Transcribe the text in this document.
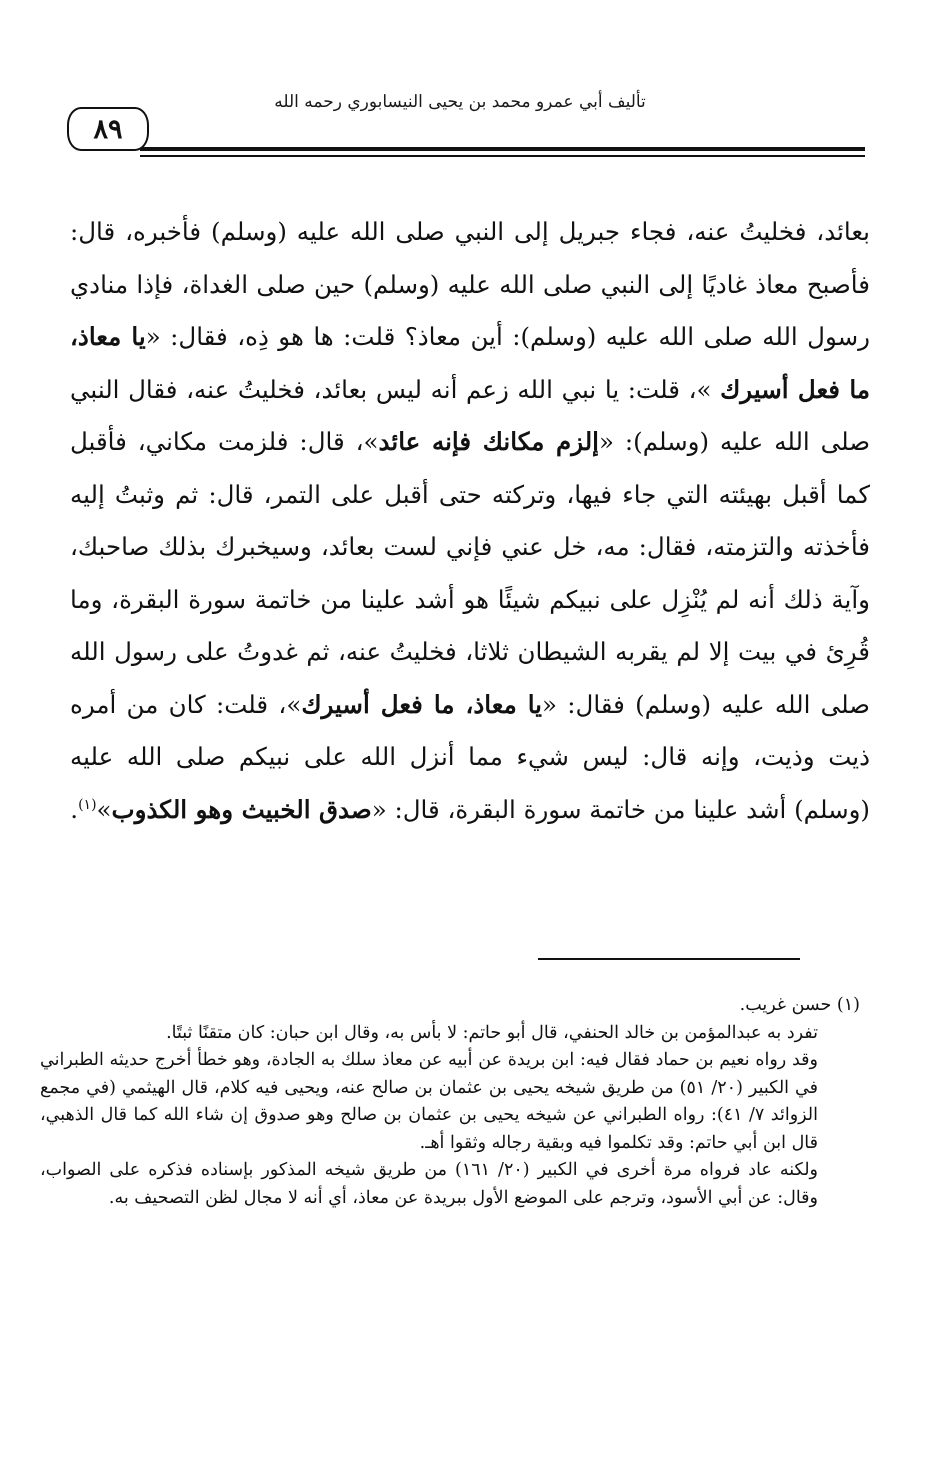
تأليف أبي عمرو محمد بن يحيى النيسابوري رحمه الله
٨٩
بعائد، فخليتُ عنه، فجاء جبريل إلى النبي صلى الله عليه (وسلم) فأخبره، قال: فأصبح معاذ غاديًا إلى النبي صلى الله عليه (وسلم) حين صلى الغداة، فإذا منادي رسول الله صلى الله عليه (وسلم): أين معاذ؟ قلت: ها هو ذِه، فقال: «يا معاذ، ما فعل أسيرك »، قلت: يا نبي الله زعم أنه ليس بعائد، فخليتُ عنه، فقال النبي صلى الله عليه (وسلم): «إلزم مكانك فإنه عائد»، قال: فلزمت مكاني، فأقبل كما أقبل بهيئته التي جاء فيها، وتركته حتى أقبل على التمر، قال: ثم وثبتُ إليه فأخذته والتزمته، فقال: مه، خل عني فإني لست بعائد، وسيخبرك بذلك صاحبك، وآية ذلك أنه لم يُنْزِل على نبيكم شيئًا هو أشد علينا من خاتمة سورة البقرة، وما قُرِئ في بيت إلا لم يقربه الشيطان ثلاثا، فخليتُ عنه، ثم غدوتُ على رسول الله صلى الله عليه (وسلم) فقال: «يا معاذ، ما فعل أسيرك»، قلت: كان من أمره ذيت وذيت، وإنه قال: ليس شيء مما أنزل الله على نبيكم صلى الله عليه (وسلم) أشد علينا من خاتمة سورة البقرة، قال: «صدق الخبيث وهو الكذوب»$^{(١)}$.

(١) حسن غريب.

تفرد به عبدالمؤمن بن خالد الحنفي، قال أبو حاتم: لا بأس به، وقال ابن حبان: كان متقنًا ثبتًا.

وقد رواه نعيم بن حماد فقال فيه: ابن بريدة عن أبيه عن معاذ سلك به الجادة، وهو خطأ أخرج حديثه الطبراني في الكبير (٢٠/ ٥١) من طريق شيخه يحيى بن عثمان بن صالح عنه، ويحيى فيه كلام، قال الهيثمي (في مجمع الزوائد ٧/ ٤١): رواه الطبراني عن شيخه يحيى بن عثمان بن صالح وهو صدوق إن شاء الله كما قال الذهبي، قال ابن أبي حاتم: وقد تكلموا فيه وبقية رجاله وثقوا أهـ.

ولكنه عاد فرواه مرة أخرى في الكبير (٢٠/ ١٦١) من طريق شيخه المذكور بإسناده فذكره على الصواب، وقال: عن أبي الأسود، وترجم على الموضع الأول ببريدة عن معاذ، أي أنه لا مجال لظن التصحيف به.
